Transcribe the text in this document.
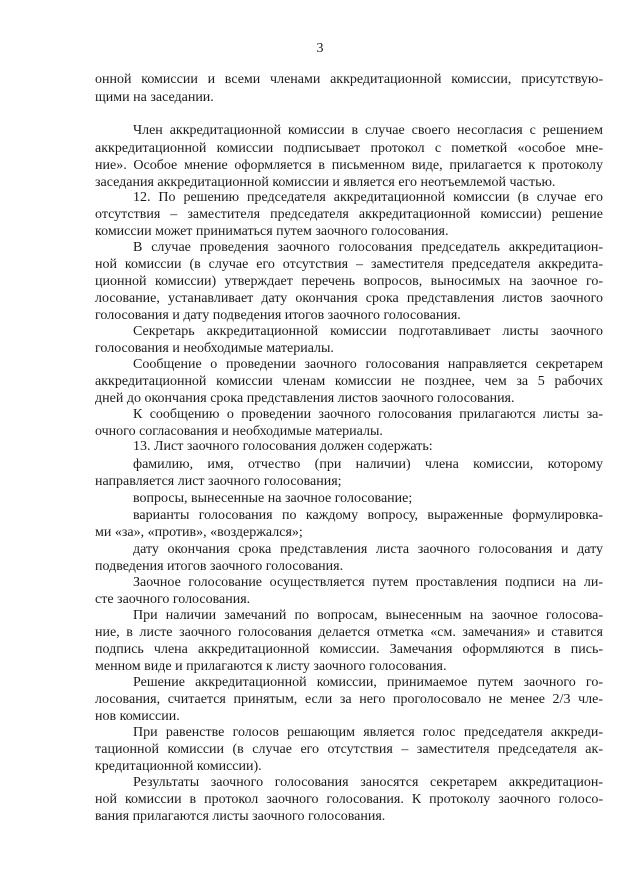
3
онной комиссии и всеми членами аккредитационной комиссии, присутствую-
щими на заседании.
Член аккредитационной комиссии в случае своего несогласия с решением
аккредитационной комиссии подписывает протокол с пометкой «особое мне-
ние». Особое мнение оформляется в письменном виде, прилагается к протоколу
заседания аккредитационной комиссии и является его неотъемлемой частью.
12. По решению председателя аккредитационной комиссии (в случае его
отсутствия – заместителя председателя аккредитационной комиссии) решение
комиссии может приниматься путем заочного голосования.
В случае проведения заочного голосования председатель аккредитацион-
ной комиссии (в случае его отсутствия – заместителя председателя аккредита-
ционной комиссии) утверждает перечень вопросов, выносимых на заочное го-
лосование, устанавливает дату окончания срока представления листов заочного
голосования и дату подведения итогов заочного голосования.
Секретарь аккредитационной комиссии подготавливает листы заочного
голосования и необходимые материалы.
Сообщение о проведении заочного голосования направляется секретарем
аккредитационной комиссии членам комиссии не позднее, чем за 5 рабочих
дней до окончания срока представления листов заочного голосования.
К сообщению о проведении заочного голосования прилагаются листы за-
очного согласования и необходимые материалы.
13. Лист заочного голосования должен содержать:
фамилию, имя, отчество (при наличии) члена комиссии, которому
направляется лист заочного голосования;
вопросы, вынесенные на заочное голосование;
варианты голосования по каждому вопросу, выраженные формулировка-
ми «за», «против», «воздержался»;
дату окончания срока представления листа заочного голосования и дату
подведения итогов заочного голосования.
Заочное голосование осуществляется путем проставления подписи на ли-
сте заочного голосования.
При наличии замечаний по вопросам, вынесенным на заочное голосова-
ние, в листе заочного голосования делается отметка «см. замечания» и ставится
подпись члена аккредитационной комиссии. Замечания оформляются в пись-
менном виде и прилагаются к листу заочного голосования.
Решение аккредитационной комиссии, принимаемое путем заочного го-
лосования, считается принятым, если за него проголосовало не менее 2/3 чле-
нов комиссии.
При равенстве голосов решающим является голос председателя аккреди-
тационной комиссии (в случае его отсутствия – заместителя председателя ак-
кредитационной комиссии).
Результаты заочного голосования заносятся секретарем аккредитацион-
ной комиссии в протокол заочного голосования. К протоколу заочного голосо-
вания прилагаются листы заочного голосования.
